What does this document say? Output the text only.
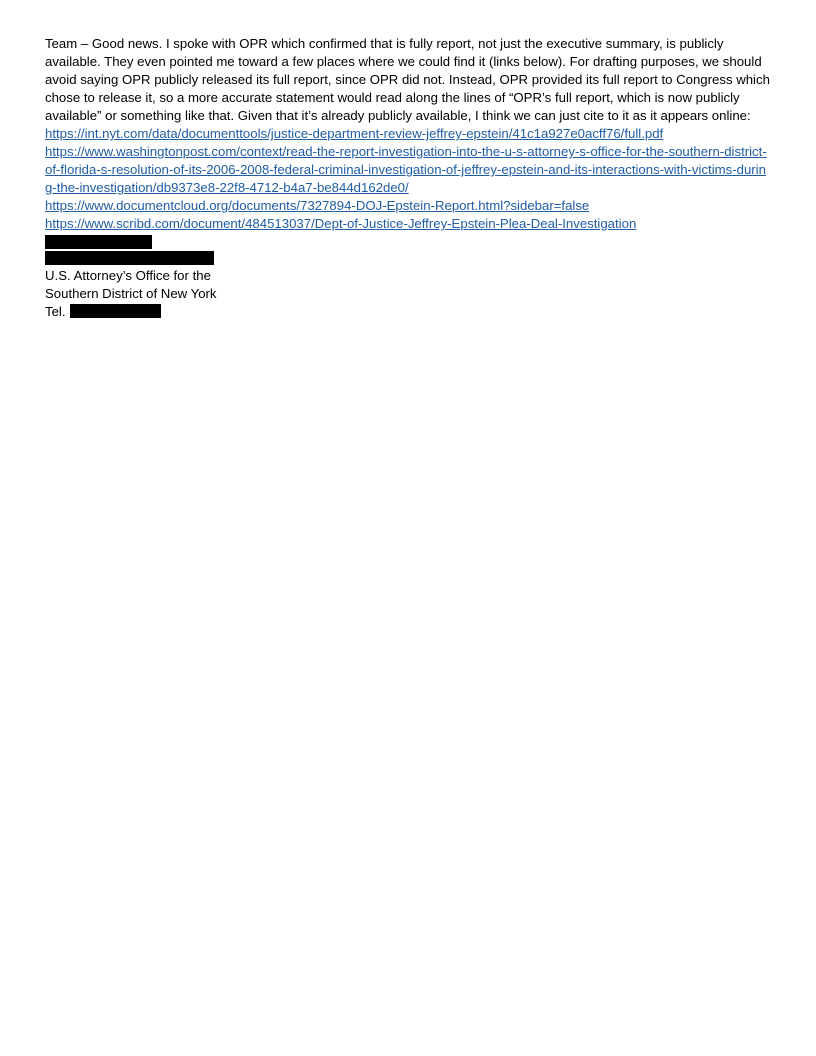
Team – Good news. I spoke with OPR which confirmed that is fully report, not just the executive summary, is publicly available. They even pointed me toward a few places where we could find it (links below). For drafting purposes, we should avoid saying OPR publicly released its full report, since OPR did not. Instead, OPR provided its full report to Congress which chose to release it, so a more accurate statement would read along the lines of “OPR’s full report, which is now publicly available” or something like that. Given that it’s already publicly available, I think we can just cite to it as it appears online:

https://int.nyt.com/data/documenttools/justice-department-review-jeffrey-epstein/41c1a927e0acff76/full.pdf
https://www.washingtonpost.com/context/read-the-report-investigation-into-the-u-s-attorney-s-office-for-the-southern-district-of-florida-s-resolution-of-its-2006-2008-federal-criminal-investigation-of-jeffrey-epstein-and-its-interactions-with-victims-during-the-investigation/db9373e8-22f8-4712-b4a7-be844d162de0/
https://www.documentcloud.org/documents/7327894-DOJ-Epstein-Report.html?sidebar=false
https://www.scribd.com/document/484513037/Dept-of-Justice-Jeffrey-Epstein-Plea-Deal-Investigation
U.S. Attorney’s Office for the
Southern District of New York
Tel.
